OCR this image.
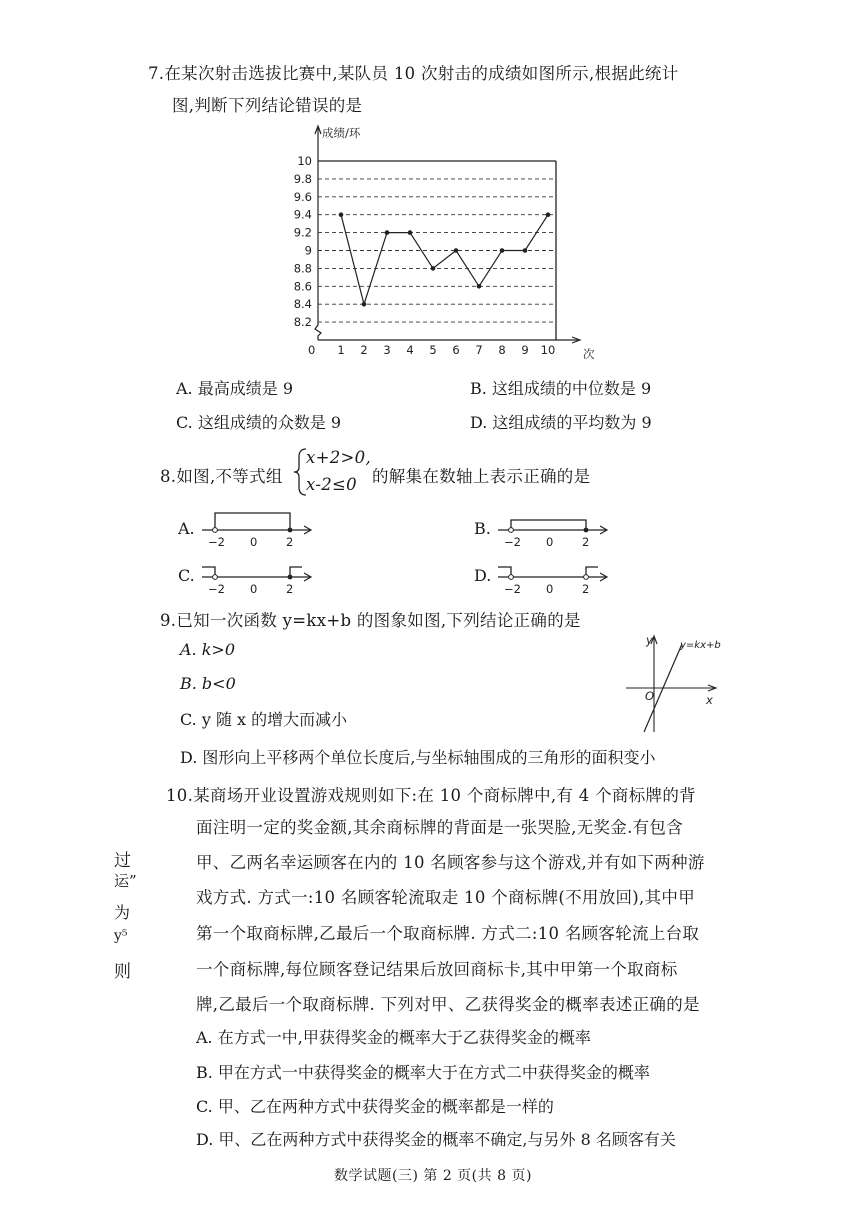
7.在某次射击选拔比赛中,某队员 10 次射击的成绩如图所示,根据此统计
图,判断下列结论错误的是
成绩/环
次
0
10
9.8
9.6
9.4
9.2
9
8.8
8.6
8.4
8.2
1 2 3 4 5 6 7 8 9 10
A. 最高成绩是 9	B. 这组成绩的中位数是 9
C. 这组成绩的众数是 9	D. 这组成绩的平均数为 9
8.如图,不等式组
x+2>0,
x-2≤0 的解集在数轴上表示正确的是
A.
−2 0 2
B.
−2 0 2
C.
−2 0 2
D.
−2 0 2
9.已知一次函数 y=kx+b 的图象如图,下列结论正确的是
A. k>0
B. b<0
C. y 随 x 的增大而减小
D. 图形向上平移两个单位长度后,与坐标轴围成的三角形的面积变小
y
x
O
y=kx+b
10.某商场开业设置游戏规则如下:在 10 个商标牌中,有 4 个商标牌的背
面注明一定的奖金额,其余商标牌的背面是一张哭脸,无奖金.有包含
甲、乙两名幸运顾客在内的 10 名顾客参与这个游戏,并有如下两种游
戏方式. 方式一:10 名顾客轮流取走 10 个商标牌(不用放回),其中甲
第一个取商标牌,乙最后一个取商标牌. 方式二:10 名顾客轮流上台取
一个商标牌,每位顾客登记结果后放回商标卡,其中甲第一个取商标
牌,乙最后一个取商标牌. 下列对甲、乙获得奖金的概率表述正确的是
A. 在方式一中,甲获得奖金的概率大于乙获得奖金的概率
B. 甲在方式一中获得奖金的概率大于在方式二中获得奖金的概率
C. 甲、乙在两种方式中获得奖金的概率都是一样的
D. 甲、乙在两种方式中获得奖金的概率不确定,与另外 8 名顾客有关
过
运”
为
y⁵
则
数学试题(三) 第 2 页(共 8 页)
